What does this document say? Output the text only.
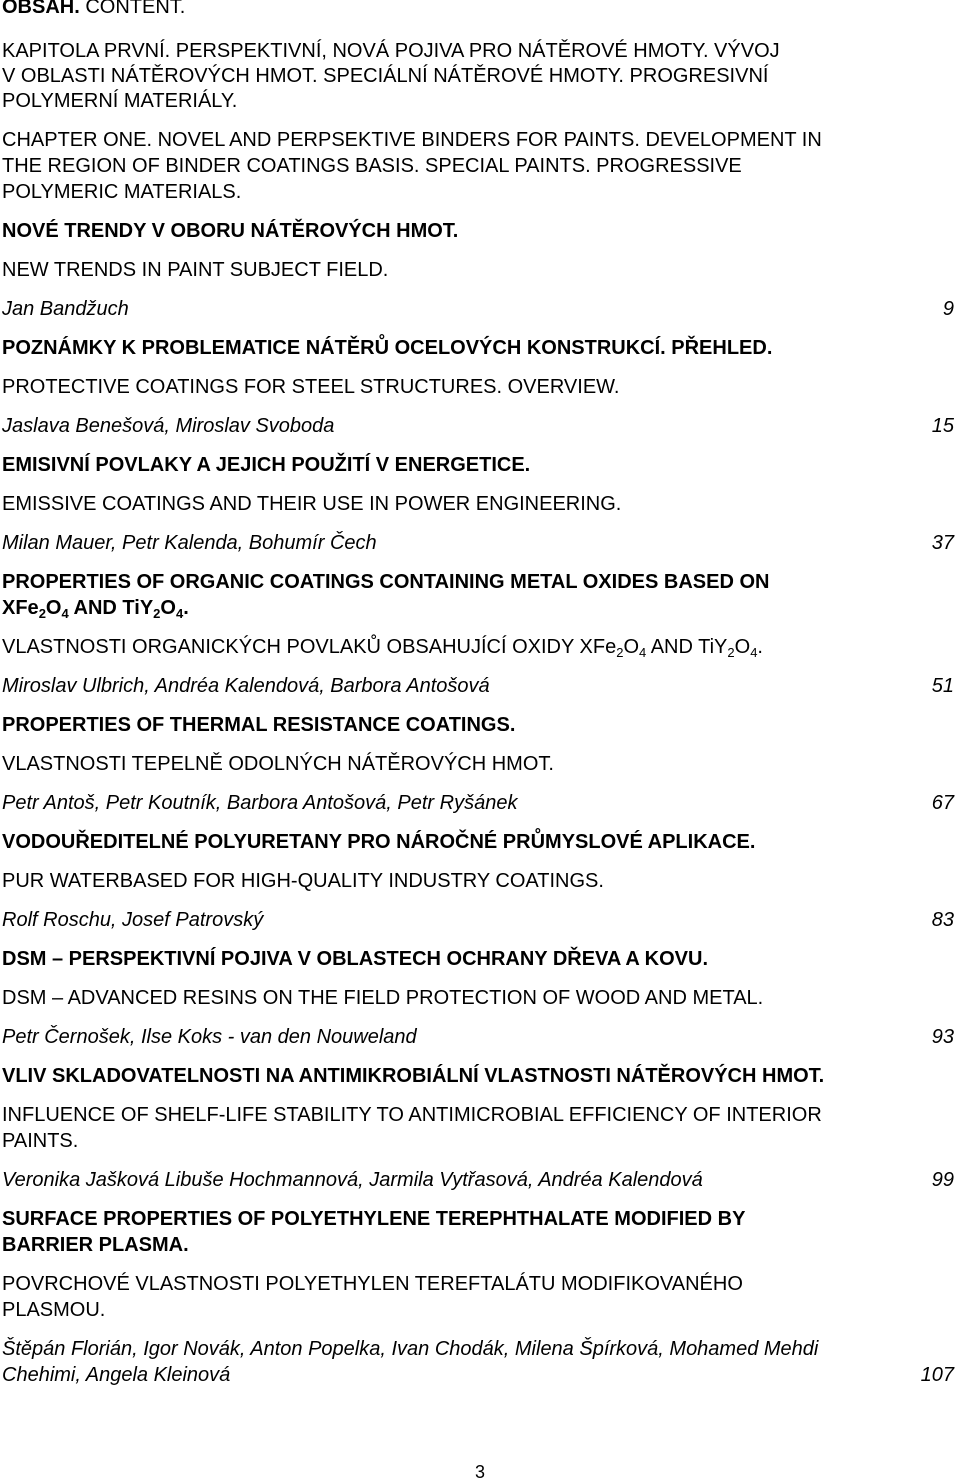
OBSAH. CONTENT.
KAPITOLA PRVNÍ. PERSPEKTIVNÍ, NOVÁ POJIVA PRO NÁTĚROVÉ HMOTY. VÝVOJ
V OBLASTI NÁTĚROVÝCH HMOT. SPECIÁLNÍ NÁTĚROVÉ HMOTY. PROGRESIVNÍ
POLYMERNÍ MATERIÁLY.
CHAPTER ONE. NOVEL AND PERPSEKTIVE BINDERS FOR PAINTS. DEVELOPMENT IN
THE REGION OF BINDER COATINGS BASIS. SPECIAL PAINTS. PROGRESSIVE
POLYMERIC MATERIALS.
NOVÉ TRENDY V OBORU NÁTĚROVÝCH HMOT.
NEW TRENDS IN PAINT SUBJECT FIELD.
Jan Bandžuch	9
POZNÁMKY K PROBLEMATICE NÁTĚRŮ OCELOVÝCH KONSTRUKCÍ. PŘEHLED.
PROTECTIVE COATINGS FOR STEEL STRUCTURES. OVERVIEW.
Jaslava Benešová, Miroslav Svoboda	15
EMISIVNÍ POVLAKY A JEJICH POUŽITÍ V ENERGETICE.
EMISSIVE COATINGS AND THEIR USE IN POWER ENGINEERING.
Milan Mauer, Petr Kalenda, Bohumír Čech	37
PROPERTIES OF ORGANIC COATINGS CONTAINING METAL OXIDES BASED ON
$XFe_2O_4$ AND $TiY_2O_4$.
VLASTNOSTI ORGANICKÝCH POVLAKŮ OBSAHUJÍCÍ OXIDY $XFe_2O_4$ AND $TiY_2O_4$.
Miroslav Ulbrich, Andréa Kalendová, Barbora Antošová	51
PROPERTIES OF THERMAL RESISTANCE COATINGS.
VLASTNOSTI TEPELNĚ ODOLNÝCH NÁTĚROVÝCH HMOT.
Petr Antoš, Petr Koutník, Barbora Antošová, Petr Ryšánek	67
VODOUŘEDITELNÉ POLYURETANY PRO NÁROČNÉ PRŮMYSLOVÉ APLIKACE.
PUR WATERBASED FOR HIGH-QUALITY INDUSTRY COATINGS.
Rolf Roschu, Josef Patrovský	83
DSM – PERSPEKTIVNÍ POJIVA V OBLASTECH OCHRANY DŘEVA A KOVU.
DSM – ADVANCED RESINS ON THE FIELD PROTECTION OF WOOD AND METAL.
Petr Černošek, Ilse Koks - van den Nouweland	93
VLIV SKLADOVATELNOSTI NA ANTIMIKROBIÁLNÍ VLASTNOSTI NÁTĚROVÝCH HMOT.
INFLUENCE OF SHELF-LIFE STABILITY TO ANTIMICROBIAL EFFICIENCY OF INTERIOR
PAINTS.
Veronika Jašková Libuše Hochmannová, Jarmila Vytřasová, Andréa Kalendová	99
SURFACE PROPERTIES OF POLYETHYLENE TEREPHTHALATE MODIFIED BY
BARRIER PLASMA.
POVRCHOVÉ VLASTNOSTI POLYETHYLEN TEREFTALÁTU MODIFIKOVANÉHO
PLASMOU.
Štěpán Florián, Igor Novák, Anton Popelka, Ivan Chodák, Milena Špírková, Mohamed Mehdi
Chehimi, Angela Kleinová	107
3
